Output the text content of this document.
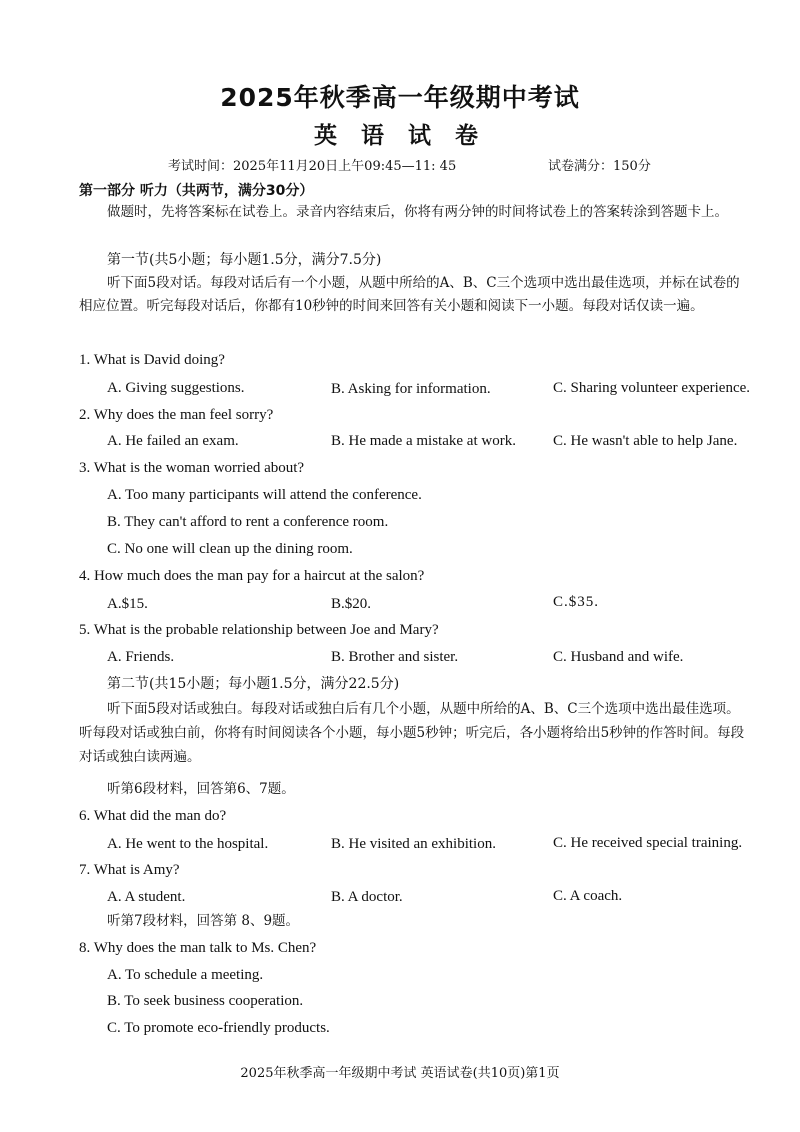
2025年秋季高一年级期中考试
英 语 试 卷
考试时间：2025年11月20日上午09:45—11: 45	试卷满分：150分
第一部分 听力（共两节，满分30分）
做题时，先将答案标在试卷上。录音内容结束后，你将有两分钟的时间将试卷上的答案转涂到答题卡上。
第一节(共5小题；每小题1.5分，满分7.5分)
听下面5段对话。每段对话后有一个小题，从题中所给的A、B、C三个选项中选出最佳选项，并标在试卷的相应位置。听完每段对话后，你都有10秒钟的时间来回答有关小题和阅读下一小题。每段对话仅读一遍。
1. What is David doing?
A. Giving suggestions.	B. Asking for information.	C. Sharing volunteer experience.
2. Why does the man feel sorry?
A. He failed an exam.	B. He made a mistake at work. C. He wasn't able to help Jane.
3. What is the woman worried about?
A. Too many participants will attend the conference.
B. They can't afford to rent a conference room.
C. No one will clean up the dining room.
4. How much does the man pay for a haircut at the salon?
A.$15.	B.$20.	C.$35.
5. What is the probable relationship between Joe and Mary?
A. Friends.	B. Brother and sister.	C. Husband and wife.
第二节(共15小题；每小题1.5分，满分22.5分)
听下面5段对话或独白。每段对话或独白后有几个小题，从题中所给的A、B、C三个选项中选出最佳选项。听每段对话或独白前，你将有时间阅读各个小题，每小题5秒钟；听完后，各小题将给出5秒钟的作答时间。每段对话或独白读两遍。
听第6段材料，回答第6、7题。
6. What did the man do?
A. He went to the hospital.	B. He visited an exhibition.	C. He received special training.
7. What is Amy?
A. A student.	B. A doctor.	C. A coach.
听第7段材料，回答第 8、9题。
8. Why does the man talk to Ms. Chen?
A. To schedule a meeting.
B. To seek business cooperation.
C. To promote eco-friendly products.
2025年秋季高一年级期中考试 英语试卷(共10页)第1页
